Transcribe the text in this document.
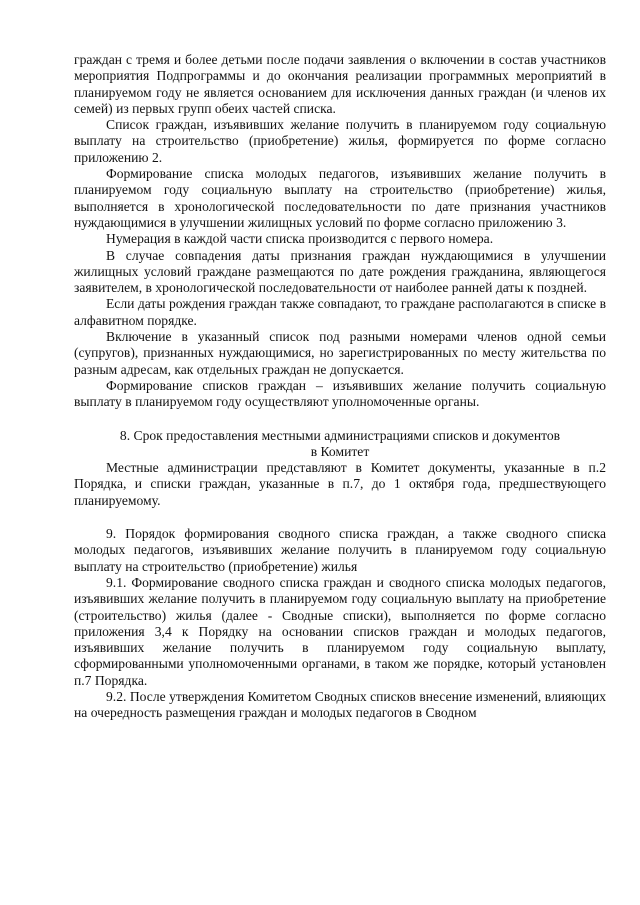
граждан с тремя и более детьми после подачи заявления о включении в состав участников мероприятия Подпрограммы и до окончания реализации программных мероприятий в планируемом году не является основанием для исключения данных граждан (и членов их семей) из первых групп обеих частей списка.

Список граждан, изъявивших желание получить в планируемом году социальную выплату на строительство (приобретение) жилья, формируется по форме согласно приложению 2.

Формирование списка молодых педагогов, изъявивших желание получить в планируемом году социальную выплату на строительство (приобретение) жилья, выполняется в хронологической последовательности по дате признания участников нуждающимися в улучшении жилищных условий по форме согласно приложению 3.

Нумерация в каждой части списка производится с первого номера.

В случае совпадения даты признания граждан нуждающимися в улучшении жилищных условий граждане размещаются по дате рождения гражданина, являющегося заявителем, в хронологической последовательности от наиболее ранней даты к поздней.

Если даты рождения граждан также совпадают, то граждане располагаются в списке в алфавитном порядке.

Включение в указанный список под разными номерами членов одной семьи (супругов), признанных нуждающимися, но зарегистрированных по месту жительства по разным адресам, как отдельных граждан не допускается.

Формирование списков граждан – изъявивших желание получить социальную выплату в планируемом году осуществляют уполномоченные органы.

8. Срок предоставления местными администрациями списков и документов

в Комитет

Местные администрации представляют в Комитет документы, указанные в п.2 Порядка, и списки граждан, указанные в п.7, до 1 октября года, предшествующего планируемому.

9. Порядок формирования сводного списка граждан, а также сводного списка молодых педагогов, изъявивших желание получить в планируемом году социальную выплату на строительство (приобретение) жилья

9.1. Формирование сводного списка граждан и сводного списка молодых педагогов, изъявивших желание получить в планируемом году социальную выплату на приобретение (строительство) жилья (далее - Сводные списки), выполняется по форме согласно приложения 3,4 к Порядку на основании списков граждан и молодых педагогов, изъявивших желание получить в планируемом году социальную выплату, сформированными уполномоченными органами, в таком же порядке, который установлен п.7 Порядка.

9.2. После утверждения Комитетом Сводных списков внесение изменений, влияющих на очередность размещения граждан и молодых педагогов в Сводном
